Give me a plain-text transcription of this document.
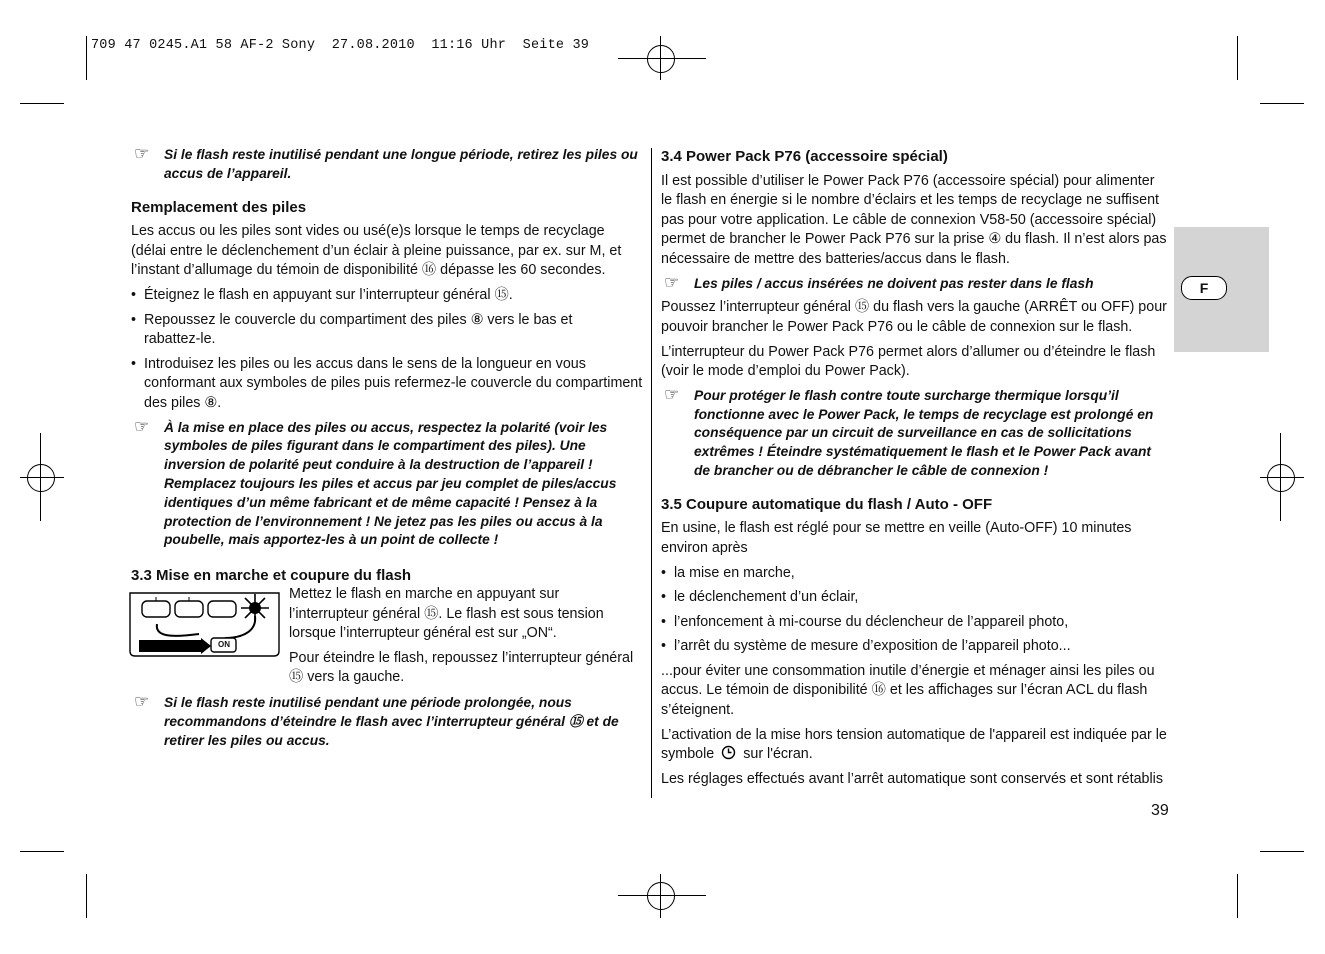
709 47 0245.A1 58 AF-2 Sony  27.08.2010  11:16 Uhr  Seite 39
F
☞ Si le flash reste inutilisé pendant une longue période, retirez les piles ou accus de l’appareil.
Remplacement des piles

Les accus ou les piles sont vides ou usé(e)s lorsque le temps de recyclage (délai entre le déclenchement d’un éclair à pleine puissance, par ex. sur M, et l’instant d’allumage du témoin de disponibilité ⑯ dépasse les 60 secondes.

• Éteignez le flash en appuyant sur l’interrupteur général ⑮.
• Repoussez le couvercle du compartiment des piles ⑧ vers le bas et rabattez-le.
• Introduisez les piles ou les accus dans le sens de la longueur en vous conformant aux symboles de piles puis refermez-le couvercle du compartiment des piles ⑧.
☞ À la mise en place des piles ou accus, respectez la polarité (voir les symboles de piles figurant dans le compartiment des piles). Une inversion de polarité peut conduire à la destruction de l’appareil ! Remplacez toujours les piles et accus par jeu complet de piles/accus identiques d’un même fabricant et de même capacité ! Pensez à la protection de l’environnement ! Ne jetez pas les piles ou accus à la poubelle, mais apportez-les à un point de collecte !
3.3 Mise en marche et coupure du flash
ON

Mettez le flash en marche en appuyant sur l’interrupteur général ⑮. Le flash est sous tension lorsque l’interrupteur général est sur „ON“.

Pour éteindre le flash, repoussez l’interrupteur général ⑮ vers la gauche.

☞ Si le flash reste inutilisé pendant une période prolongée, nous recommandons d’éteindre le flash avec l’interrupteur général ⑮ et de retirer les piles ou accus.
3.4 Power Pack P76 (accessoire spécial)

Il est possible d’utiliser le Power Pack P76 (accessoire spécial) pour alimenter le flash en énergie si le nombre d’éclairs et les temps de recyclage ne suffisent pas pour votre application. Le câble de connexion V58-50 (accessoire spécial) permet de brancher le Power Pack P76 sur la prise ④ du flash. Il n’est alors pas nécessaire de mettre des batteries/accus dans le flash.

☞ Les piles / accus insérées ne doivent pas rester dans le flash

Poussez l’interrupteur général ⑮ du flash vers la gauche (ARRÊT ou OFF) pour pouvoir brancher le Power Pack P76 ou le câble de connexion sur le flash.

L’interrupteur du Power Pack P76 permet alors d’allumer ou d’éteindre le flash (voir le mode d’emploi du Power Pack).

☞ Pour protéger le flash contre toute surcharge thermique lorsqu’il fonctionne avec le Power Pack, le temps de recyclage est prolongé en conséquence par un circuit de surveillance en cas de sollicitations extrêmes ! Éteindre systématiquement le flash et le Power Pack avant de brancher ou de débrancher le câble de connexion !
3.5 Coupure automatique du flash / Auto - OFF

En usine, le flash est réglé pour se mettre en veille (Auto-OFF) 10 minutes environ après

• la mise en marche,
• le déclenchement d’un éclair,
• l’enfoncement à mi-course du déclencheur de l’appareil photo,
• l’arrêt du système de mesure d’exposition de l’appareil photo...

...pour éviter une consommation inutile d’énergie et ménager ainsi les piles ou accus. Le témoin de disponibilité ⑯ et les affichages sur l’écran ACL du flash s’éteignent.

L’activation de la mise hors tension automatique de l'appareil est indiquée par le symbole sur l'écran.

Les réglages effectués avant l’arrêt automatique sont conservés et sont rétablis

39
